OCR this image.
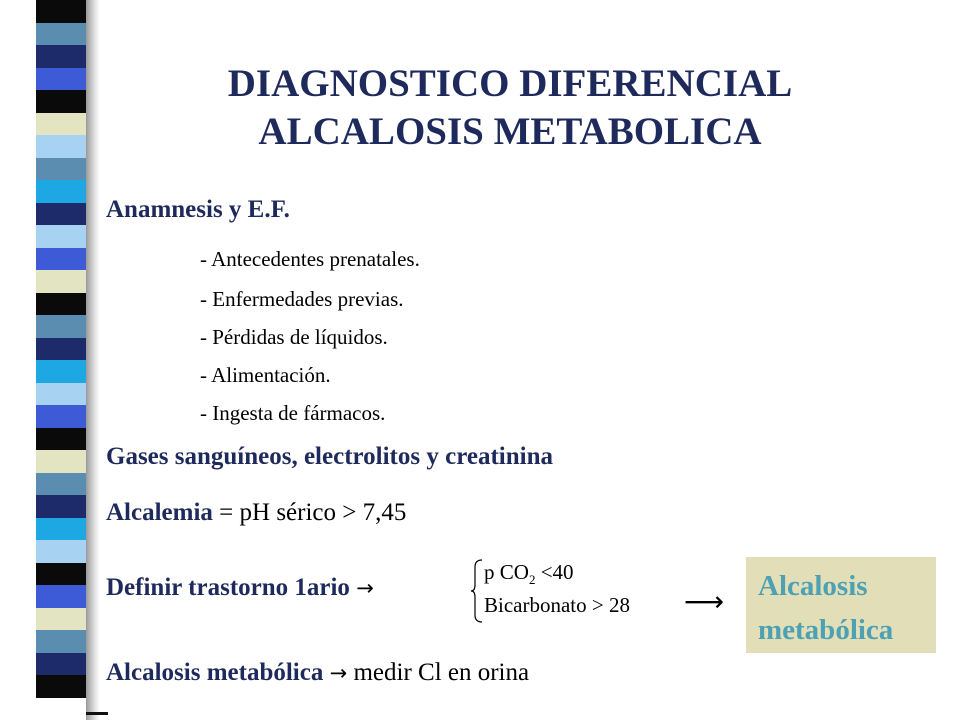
DIAGNOSTICO DIFERENCIAL
ALCALOSIS METABOLICA
Anamnesis y E.F.
- Antecedentes prenatales.
- Enfermedades previas.
- Pérdidas de líquidos.
- Alimentación.
- Ingesta de fármacos.
Gases sanguíneos, electrolitos y creatinina
Alcalemia = pH sérico > 7,45
Definir trastorno 1ario →
p $CO_2 <40$
Bicarbonato > 28 ⟶ Alcalosis
metabólica
Alcalosis metabólica → medir Cl en orina
